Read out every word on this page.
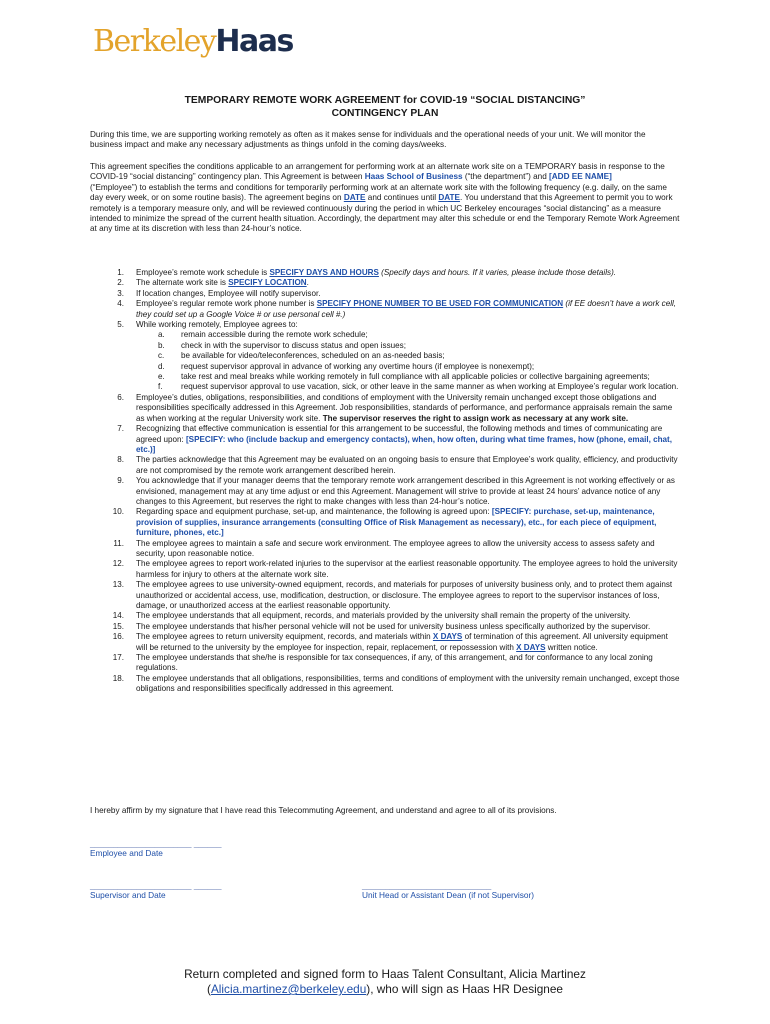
BerkeleyHaas
TEMPORARY REMOTE WORK AGREEMENT for COVID-19 “SOCIAL DISTANCING”
CONTINGENCY PLAN
During this time, we are supporting working remotely as often as it makes sense for individuals and the operational needs of your unit. We will monitor the business impact and make any necessary adjustments as things unfold in the coming days/weeks.
This agreement specifies the conditions applicable to an arrangement for performing work at an alternate work site on a TEMPORARY basis in response to the COVID-19 “social distancing” contingency plan. This Agreement is between Haas School of Business (“the department”) and [ADD EE NAME]
(“Employee”) to establish the terms and conditions for temporarily performing work at an alternate work site with the following frequency (e.g. daily, on the same day every week, or on some routine basis). The agreement begins on DATE and continues until DATE. You understand that this Agreement to permit you to work remotely is a temporary measure only, and will be reviewed continuously during the period in which UC Berkeley encourages “social distancing” as a measure intended to minimize the spread of the current health situation. Accordingly, the department may alter this schedule or end the Temporary Remote Work Agreement at any time at its discretion with less than 24-hour’s notice.
1. Employee’s remote work schedule is SPECIFY DAYS AND HOURS (Specify days and hours. If it varies, please include those details).
2. The alternate work site is SPECIFY LOCATION.
3. If location changes, Employee will notify supervisor.
4. Employee’s regular remote work phone number is SPECIFY PHONE NUMBER TO BE USED FOR COMMUNICATION (if EE doesn’t have a work cell, they could set up a Google Voice # or use personal cell #.)
5. While working remotely, Employee agrees to:
a. remain accessible during the remote work schedule;
b. check in with the supervisor to discuss status and open issues;
c. be available for video/teleconferences, scheduled on an as-needed basis;
d. request supervisor approval in advance of working any overtime hours (if employee is nonexempt);
e. take rest and meal breaks while working remotely in full compliance with all applicable policies or collective bargaining agreements;
f. request supervisor approval to use vacation, sick, or other leave in the same manner as when working at Employee’s regular work location.
6. Employee’s duties, obligations, responsibilities, and conditions of employment with the University remain unchanged except those obligations and responsibilities specifically addressed in this Agreement. Job responsibilities, standards of performance, and performance appraisals remain the same as when working at the regular University work site. The supervisor reserves the right to assign work as necessary at any work site.
7. Recognizing that effective communication is essential for this arrangement to be successful, the following methods and times of communicating are agreed upon: [SPECIFY: who (include backup and emergency contacts), when, how often, during what time frames, how (phone, email, chat, etc.)]
8. The parties acknowledge that this Agreement may be evaluated on an ongoing basis to ensure that Employee’s work quality, efficiency, and productivity are not compromised by the remote work arrangement described herein.
9. You acknowledge that if your manager deems that the temporary remote work arrangement described in this Agreement is not working effectively or as envisioned, management may at any time adjust or end this Agreement. Management will strive to provide at least 24 hours’ advance notice of any changes to this Agreement, but reserves the right to make changes with less than 24-hour’s notice.
10. Regarding space and equipment purchase, set-up, and maintenance, the following is agreed upon: [SPECIFY: purchase, set-up, maintenance, provision of supplies, insurance arrangements (consulting Office of Risk Management as necessary), etc., for each piece of equipment, furniture, phones, etc.]
11. The employee agrees to maintain a safe and secure work environment. The employee agrees to allow the university access to assess safety and security, upon reasonable notice.
12. The employee agrees to report work-related injuries to the supervisor at the earliest reasonable opportunity. The employee agrees to hold the university harmless for injury to others at the alternate work site.
13. The employee agrees to use university-owned equipment, records, and materials for purposes of university business only, and to protect them against unauthorized or accidental access, use, modification, destruction, or disclosure. The employee agrees to report to the supervisor instances of loss, damage, or unauthorized access at the earliest reasonable opportunity.
14. The employee understands that all equipment, records, and materials provided by the university shall remain the property of the university.
15. The employee understands that his/her personal vehicle will not be used for university business unless specifically authorized by the supervisor.
16. The employee agrees to return university equipment, records, and materials within X DAYS of termination of this agreement. All university equipment will be returned to the university by the employee for inspection, repair, replacement, or repossession with X DAYS written notice.
17. The employee understands that she/he is responsible for tax consequences, if any, of this arrangement, and for conformance to any local zoning regulations.
18. The employee understands that all obligations, responsibilities, terms and conditions of employment with the university remain unchanged, except those obligations and responsibilities specifically addressed in this agreement.
I hereby affirm by my signature that I have read this Telecommuting Agreement, and understand and agree to all of its provisions.
______________________ ______
Employee and Date
______________________ ______
Supervisor and Date
____________________________
Unit Head or Assistant Dean (if not Supervisor)
Return completed and signed form to Haas Talent Consultant, Alicia Martinez
(Alicia.martinez@berkeley.edu), who will sign as Haas HR Designee
